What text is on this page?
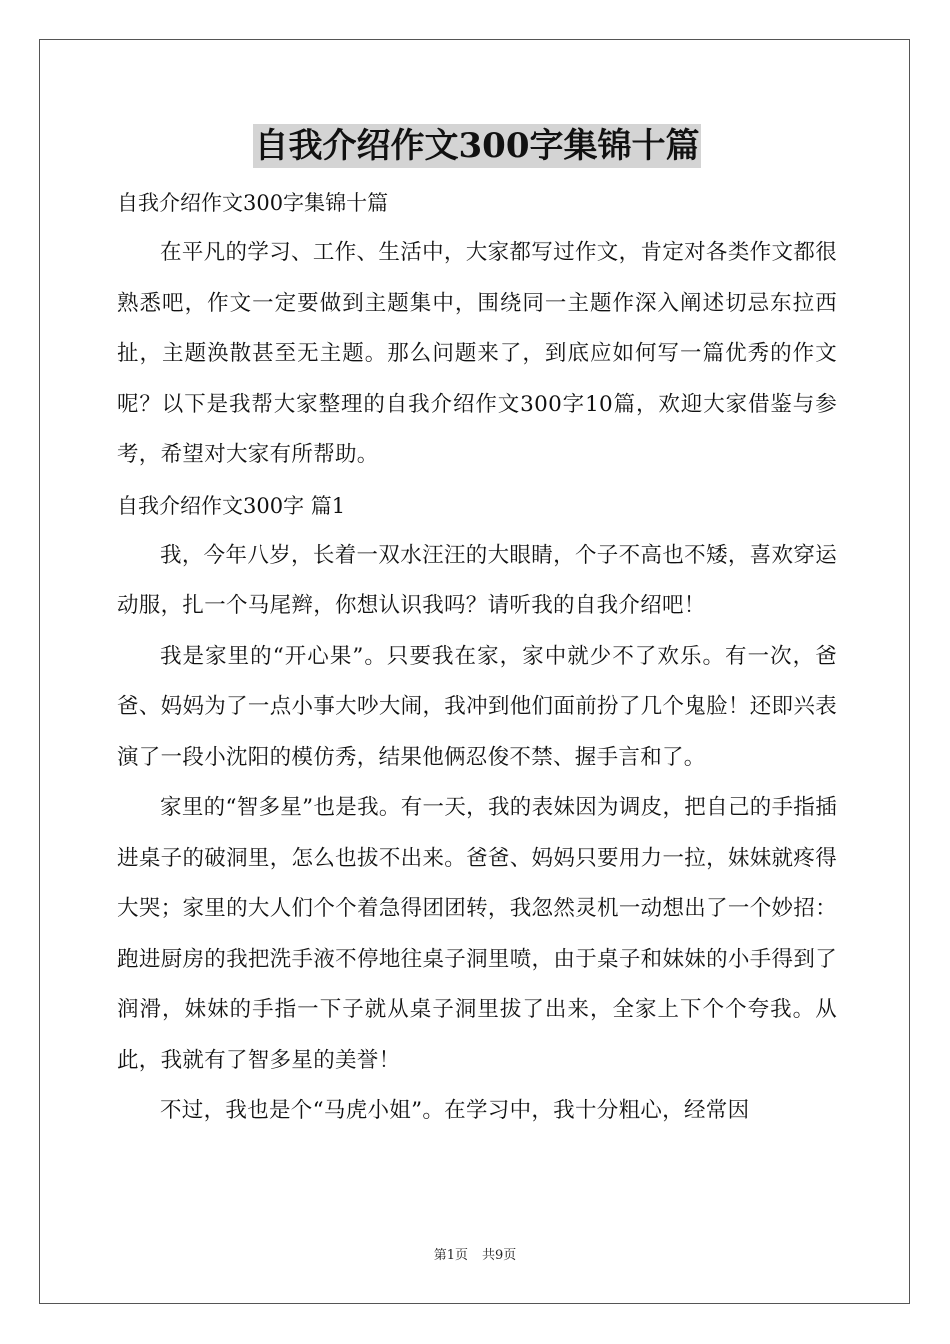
自我介绍作文300字集锦十篇

自我介绍作文300字集锦十篇

在平凡的学习、工作、生活中，大家都写过作文，肯定对各类作文都很熟悉吧，作文一定要做到主题集中，围绕同一主题作深入阐述切忌东拉西扯，主题涣散甚至无主题。那么问题来了，到底应如何写一篇优秀的作文呢？以下是我帮大家整理的自我介绍作文300字10篇，欢迎大家借鉴与参考，希望对大家有所帮助。

自我介绍作文300字 篇1

我，今年八岁，长着一双水汪汪的大眼睛，个子不高也不矮，喜欢穿运动服，扎一个马尾辫，你想认识我吗？请听我的自我介绍吧！

我是家里的“开心果”。只要我在家，家中就少不了欢乐。有一次，爸爸、妈妈为了一点小事大吵大闹，我冲到他们面前扮了几个鬼脸！还即兴表演了一段小沈阳的模仿秀，结果他俩忍俊不禁、握手言和了。

家里的“智多星”也是我。有一天，我的表妹因为调皮，把自己的手指插进桌子的破洞里，怎么也拔不出来。爸爸、妈妈只要用力一拉，妹妹就疼得大哭；家里的大人们个个着急得团团转，我忽然灵机一动想出了一个妙招：跑进厨房的我把洗手液不停地往桌子洞里喷，由于桌子和妹妹的小手得到了润滑，妹妹的手指一下子就从桌子洞里拔了出来，全家上下个个夸我。从此，我就有了智多星的美誉！

不过，我也是个“马虎小姐”。在学习中，我十分粗心，经常因

第1页 共9页
